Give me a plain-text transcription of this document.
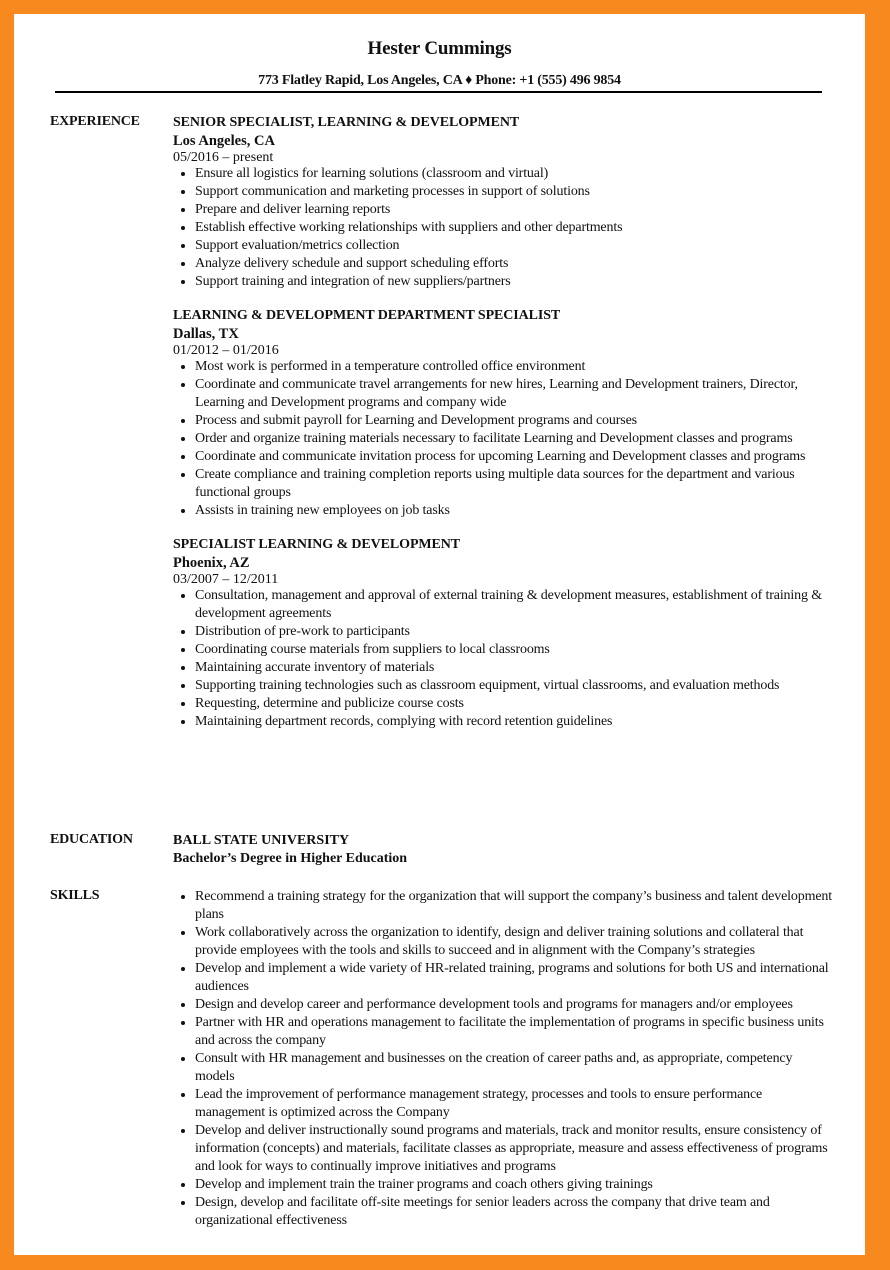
Hester Cummings
773 Flatley Rapid, Los Angeles, CA ♦ Phone: +1 (555) 496 9854
EXPERIENCE SENIOR SPECIALIST, LEARNING & DEVELOPMENT
Los Angeles, CA
05/2016 – present
Ensure all logistics for learning solutions (classroom and virtual)
Support communication and marketing processes in support of solutions
Prepare and deliver learning reports
Establish effective working relationships with suppliers and other departments
Support evaluation/metrics collection
Analyze delivery schedule and support scheduling efforts
Support training and integration of new suppliers/partners
LEARNING & DEVELOPMENT DEPARTMENT SPECIALIST
Dallas, TX
01/2012 – 01/2016
Most work is performed in a temperature controlled office environment
Coordinate and communicate travel arrangements for new hires, Learning and Development trainers, Director, Learning and Development programs and company wide
Process and submit payroll for Learning and Development programs and courses
Order and organize training materials necessary to facilitate Learning and Development classes and programs
Coordinate and communicate invitation process for upcoming Learning and Development classes and programs
Create compliance and training completion reports using multiple data sources for the department and various functional groups
Assists in training new employees on job tasks
SPECIALIST LEARNING & DEVELOPMENT
Phoenix, AZ
03/2007 – 12/2011
Consultation, management and approval of external training & development measures, establishment of training & development agreements
Distribution of pre-work to participants
Coordinating course materials from suppliers to local classrooms
Maintaining accurate inventory of materials
Supporting training technologies such as classroom equipment, virtual classrooms, and evaluation methods
Requesting, determine and publicize course costs
Maintaining department records, complying with record retention guidelines
EDUCATION	BALL STATE UNIVERSITY
Bachelor’s Degree in Higher Education
SKILLS	Recommend a training strategy for the organization that will support the company’s business and talent development plans
Work collaboratively across the organization to identify, design and deliver training solutions and collateral that provide employees with the tools and skills to succeed and in alignment with the Company’s strategies
Develop and implement a wide variety of HR-related training, programs and solutions for both US and international audiences
Design and develop career and performance development tools and programs for managers and/or employees
Partner with HR and operations management to facilitate the implementation of programs in specific business units and across the company
Consult with HR management and businesses on the creation of career paths and, as appropriate, competency models
Lead the improvement of performance management strategy, processes and tools to ensure performance management is optimized across the Company
Develop and deliver instructionally sound programs and materials, track and monitor results, ensure consistency of information (concepts) and materials, facilitate classes as appropriate, measure and assess effectiveness of programs and look for ways to continually improve initiatives and programs
Develop and implement train the trainer programs and coach others giving trainings
Design, develop and facilitate off-site meetings for senior leaders across the company that drive team and organizational effectiveness
